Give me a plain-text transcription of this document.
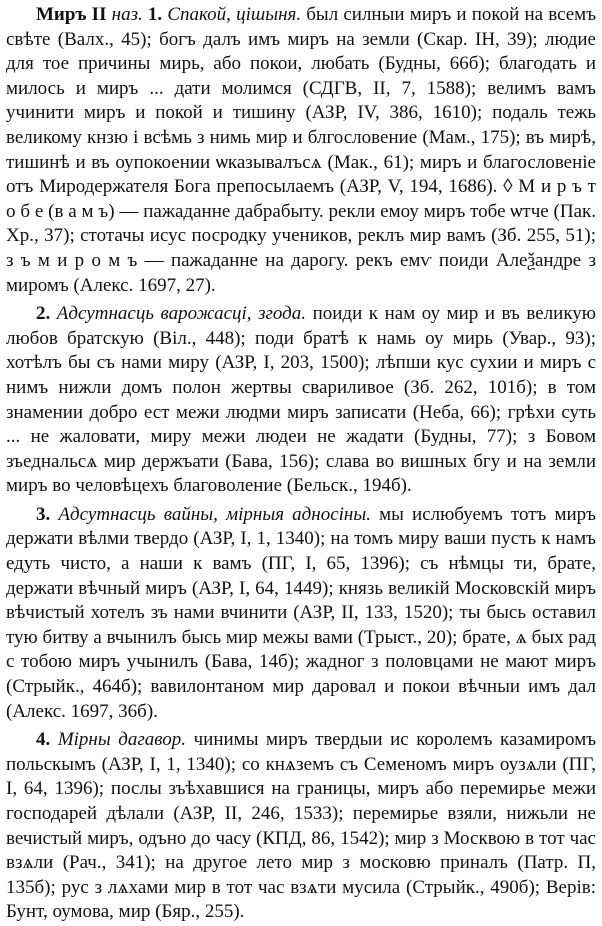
Миръ II наз. 1. Спакой, цішыня. был силныи миръ и покой на всемъ свѣте (Валх., 45); богъ далъ имъ миръ на земли (Скар. IН, 39); людие для тое причины мирь, або покои, любать (Будны, 66б); благодать и милось и миръ ... дати молимся (СДГВ, II, 7, 1588); велимъ вамъ учинити миръ и покой и тишину (АЗР, IV, 386, 1610); подаль тежь великому кнзю і всѣмь з нимь мир и блгословение (Мам., 175); въ мирѣ, тишинѣ и въ оупокоении ѡказывалъсѧ (Мак., 61); миръ и благословеніе отъ Миродержателя Бога препосылаемъ (АЗР, V, 194, 1686). ◊ М и р ъ т о б е (в а м ъ) — пажаданне дабрабыту. рекли емоу миръ тобе ѡтче (Пак. Хр., 37); стотачы исус посродку ученикoв, реклъ мир вамъ (Зб. 255, 51); з ъ м и р о м ъ — пажаданне на дарогу. рекъ емѵ поиди Алеѯандре з миромъ (Алекс. 1697, 27).

2. Адсутнасць варожасці, згода. поиди к нам оу мир и въ великую любов братскую (Віл., 448); поди братѣ к намь оу мирь (Увар., 93); хотѣлъ бы съ нами миру (АЗР, I, 203, 1500); лѣпши кус сухии и миръ с нимъ нижли домъ полон жертвы свариливое (Зб. 262, 101б); в том знамении добро ест межи людми миръ записати (Неба, 66); грѣхи суть ... не жаловати, миру межи людеи не жадати (Будны, 77); з Бовом зъеднальсѧ мир держъати (Бава, 156); слава во вишных бгу и на земли миръ во человѣцехъ благоволение (Бельск., 194б).

3. Адсутнасць вайны, мірныя адносіны. мы ислюбуемъ тотъ миръ держати вѣлми твердо (АЗР, I, 1, 1340); на томъ миру ваши пусть к намъ едуть чисто, а наши к вамъ (ПГ, I, 65, 1396); съ нѣмцы ти, брате, держати вѣчный миръ (АЗР, I, 64, 1449); князь великій Московскій миръ вѣчистый хотелъ зъ нами вчинити (АЗР, II, 133, 1520); ты бысь оставил тую битву а вчынилъ бысь мир межы вами (Трыст., 20); брате, ѧ бых рад с тобою миръ учынилъ (Бава, 14б); жадног з половцами не мают миръ (Стрыйк., 464б); вавилонтаном мир даровал и покои вѣчныи имъ дал (Алекс. 1697, 36б).

4. Мірны дагавор. чинимы миръ твердыи ис королемъ казамиромъ польскымъ (АЗР, I, 1, 1340); со кнѧземъ съ Семеномъ миръ оузѧли (ПГ, I, 64, 1396); послы зъѣхавшися на границы, миръ або перемирье межи господарей дѣлали (АЗР, II, 246, 1533); перемирье взяли, нижьли не вечистый миръ, одъно до часу (КПД, 86, 1542); мир з Москвою в тот час взѧли (Рач., 341); на другое лето мир з московю приналъ (Патр. П, 135б); рус з лѧхами мир в тот час взѧти мусила (Стрыйк., 490б); Верів: Бунт, оумова, мир (Бяр., 255).
